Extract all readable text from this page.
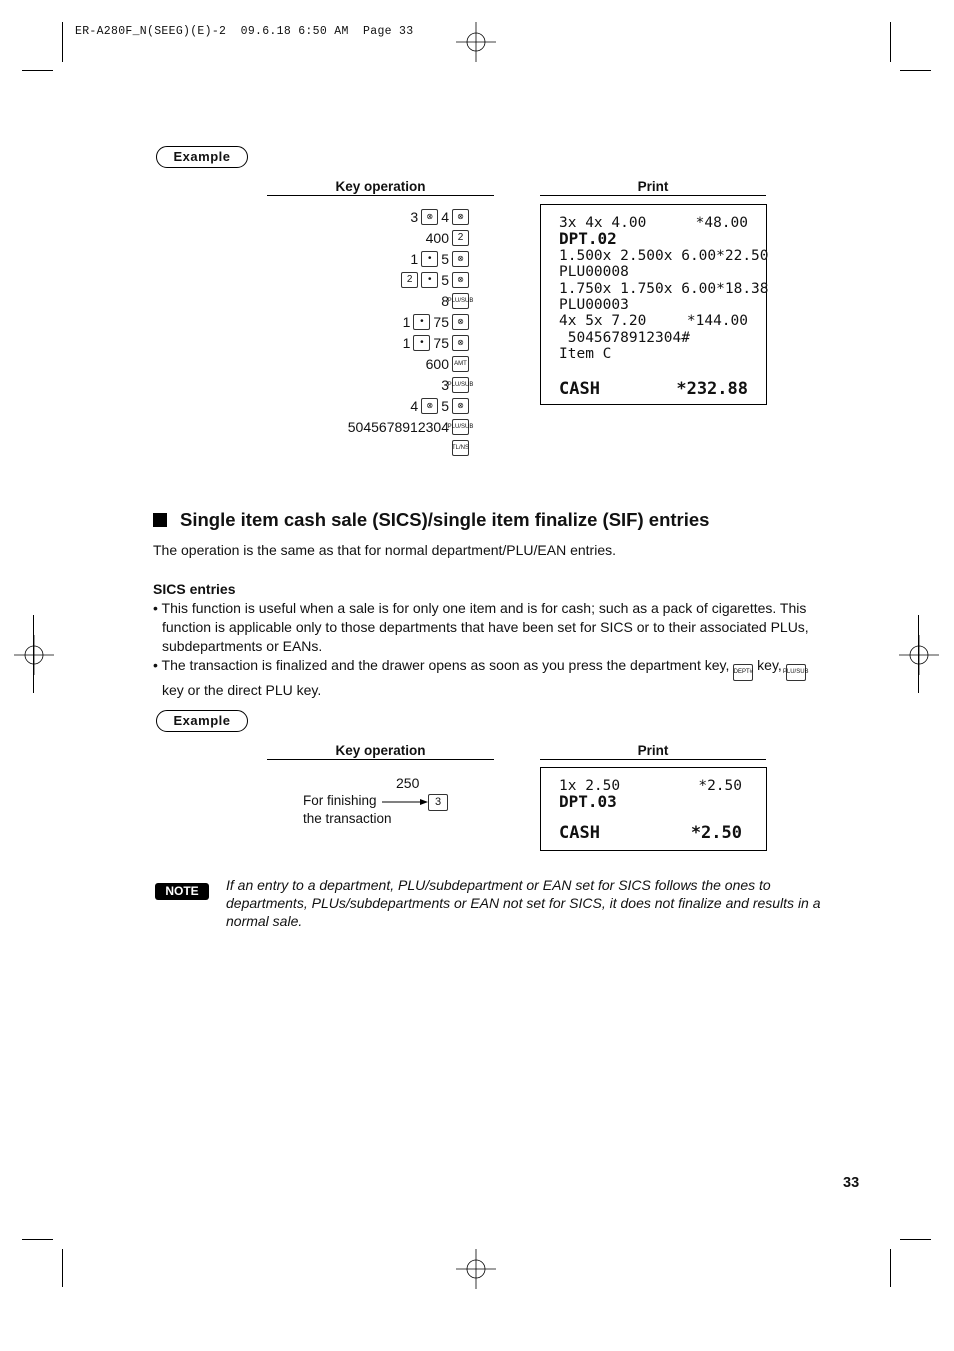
ER-A280F_N(SEEG)(E)-2  09.6.18 6:50 AM  Page 33
Example
Key operation	Print
3	⊗ 4	⊗
400 2
1 • 5	⊗
2	• 5	⊗
8
PLU/SUB
1 • 75	⊗
1 • 75	⊗
600 AMT
3
PLU/SUB
4	⊗ 5	⊗
5045678912304
PLU/SUB
TL/NS
3x 4x 4.00	*48.00
DPT.02
1.500x 2.500x 6.00 *22.50
PLU00008
1.750x 1.750x 6.00 *18.38
PLU00003
4x 5x 7.20	*144.00
5045678912304#
Item C
CASH	*232.88
Single item cash sale (SICS)/single item finalize (SIF) entries
The operation is the same as that for normal department/PLU/EAN entries.
SICS entries
• This function is useful when a sale is for only one item and is for cash; such as a pack of cigarettes. This function is applicable only to those departments that have been set for SICS or to their associated PLUs, subdepartments or EANs.
• The transaction is finalized and the drawer opens as soon as you press the department key, DEPT# key, PLU/SUB
key or the direct PLU key.
Example
Key operation	Print
250
For finishing
the transaction
3
1x 2.50	*2.50
DPT.03
CASH	*2.50
NOTE	If an entry to a department, PLU/subdepartment or EAN set for SICS follows the ones to departments, PLUs/subdepartments or EAN not set for SICS, it does not finalize and results in a normal sale.
33
